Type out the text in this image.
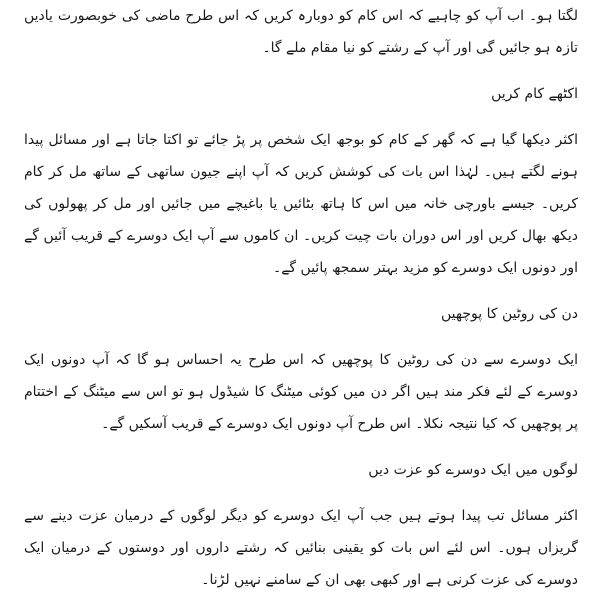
لگتا ہو۔ اب آپ کو چاہیے کہ اس کام کو دوبارہ کریں کہ اس طرح ماضی کی خوبصورت یادیں تازہ ہو جائیں گی اور آپ کے رشتے کو نیا مقام ملے گا۔

اکٹھے کام کریں

اکثر دیکھا گیا ہے کہ گھر کے کام کو بوجھ ایک شخص پر پڑ جائے تو اکتا جاتا ہے اور مسائل پیدا ہونے لگتے ہیں۔ لہٰذا اس بات کی کوشش کریں کہ آپ اپنے جیون ساتھی کے ساتھ مل کر کام کریں۔ جیسے باورچی خانہ میں اس کا ہاتھ بٹائیں یا باغیچے میں جائیں اور مل کر پھولوں کی دیکھ بھال کریں اور اس دوران بات چیت کریں۔ ان کاموں سے آپ ایک دوسرے کے قریب آئیں گے اور دونوں ایک دوسرے کو مزید بہتر سمجھ پائیں گے۔

دن کی روٹین کا پوچھیں

ایک دوسرے سے دن کی روٹین کا پوچھیں کہ اس طرح یہ احساس ہو گا کہ آپ دونوں ایک دوسرے کے لئے فکر مند ہیں اگر دن میں کوئی میٹنگ کا شیڈول ہو تو اس سے میٹنگ کے اختتام پر پوچھیں کہ کیا نتیجہ نکلا۔ اس طرح آپ دونوں ایک دوسرے کے قریب آسکیں گے۔

لوگوں میں ایک دوسرے کو عزت دیں

اکثر مسائل تب پیدا ہوتے ہیں جب آپ ایک دوسرے کو دیگر لوگوں کے درمیان عزت دینے سے گریزاں ہوں۔ اس لئے اس بات کو یقینی بنائیں کہ رشتے داروں اور دوستوں کے درمیان ایک دوسرے کی عزت کرنی ہے اور کبھی بھی ان کے سامنے نہیں لڑنا۔
